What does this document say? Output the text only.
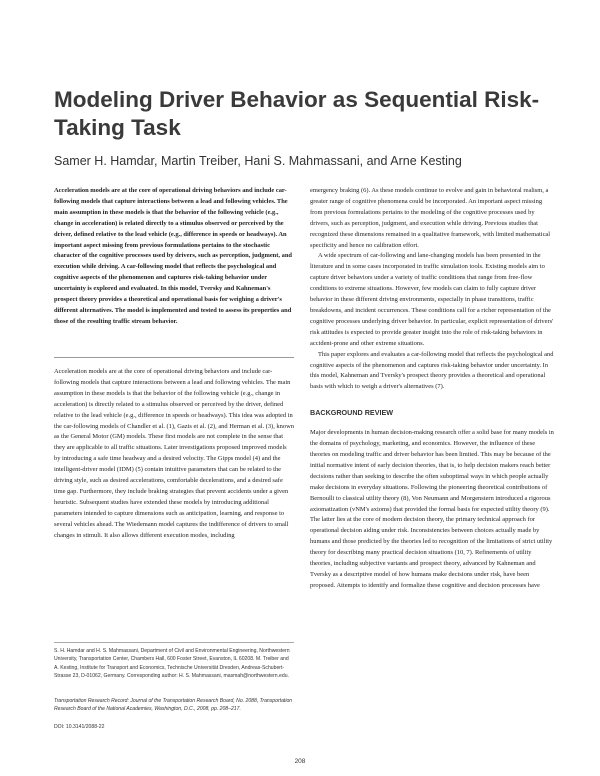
Modeling Driver Behavior as Sequential Risk-Taking Task

Samer H. Hamdar, Martin Treiber, Hani S. Mahmassani, and Arne Kesting

Acceleration models are at the core of operational driving behaviors and include car-following models that capture interactions between a lead and following vehicles. The main assumption in these models is that the behavior of the following vehicle (e.g., change in acceleration) is related directly to a stimulus observed or perceived by the driver, defined relative to the lead vehicle (e.g., difference in speeds or headways). An important aspect missing from previous formulations pertains to the stochastic character of the cognitive processes used by drivers, such as perception, judgment, and execution while driving. A car-following model that reflects the psychological and cognitive aspects of the phenomenon and captures risk-taking behavior under uncertainty is explored and evaluated. In this model, Tversky and Kahneman's prospect theory provides a theoretical and operational basis for weighing a driver's different alternatives. The model is implemented and tested to assess its properties and those of the resulting traffic stream behavior.

Acceleration models are at the core of operational driving behaviors and include car-following models that capture interactions between a lead and following vehicles. The main assumption in these models is that the behavior of the following vehicle (e.g., change in acceleration) is directly related to a stimulus observed or perceived by the driver, defined relative to the lead vehicle (e.g., difference in speeds or headways). This idea was adopted in the car-following models of Chandler et al. (1), Gazis et al. (2), and Herman et al. (3), known as the General Motor (GM) models. These first models are not complete in the sense that they are applicable to all traffic situations. Later investigations proposed improved models by introducing a safe time headway and a desired velocity. The Gipps model (4) and the intelligent-driver model (IDM) (5) contain intuitive parameters that can be related to the driving style, such as desired accelerations, comfortable decelerations, and a desired safe time gap. Furthermore, they include braking strategies that prevent accidents under a given heuristic. Subsequent studies have extended these models by introducing additional parameters intended to capture dimensions such as anticipation, learning, and response to several vehicles ahead. The Wiedemann model captures the indifference of drivers to small changes in stimuli. It also allows different execution modes, including

S. H. Hamdar and H. S. Mahmassani, Department of Civil and Environmental Engineering, Northwestern University, Transportation Center, Chambers Hall, 600 Foster Street, Evanston, IL 60208. M. Treiber and A. Kesting, Institute for Transport and Economics, Technische Universität Dresden, Andreas-Schubert-Strasse 23, D-01062, Germany. Corresponding author: H. S. Mahmassani, masmah@northwestern.edu.

Transportation Research Record: Journal of the Transportation Research Board, No. 2088, Transportation Research Board of the National Academies, Washington, D.C., 2008, pp. 208–217.

DOI: 10.3141/2088-22

emergency braking (6). As these models continue to evolve and gain in behavioral realism, a greater range of cognitive phenomena could be incorporated. An important aspect missing from previous formulations pertains to the modeling of the cognitive processes used by drivers, such as perception, judgment, and execution while driving. Previous studies that recognized these dimensions remained in a qualitative framework, with limited mathematical specificity and hence no calibration effort.

A wide spectrum of car-following and lane-changing models has been presented in the literature and in some cases incorporated in traffic simulation tools. Existing models aim to capture driver behaviors under a variety of traffic conditions that range from free-flow conditions to extreme situations. However, few models can claim to fully capture driver behavior in these different driving environments, especially in phase transitions, traffic breakdowns, and incident occurrences. These conditions call for a richer representation of the cognitive processes underlying driver behavior. In particular, explicit representation of drivers' risk attitudes is expected to provide greater insight into the role of risk-taking behaviors in accident-prone and other extreme situations.

This paper explores and evaluates a car-following model that reflects the psychological and cognitive aspects of the phenomenon and captures risk-taking behavior under uncertainty. In this model, Kahneman and Tversky's prospect theory provides a theoretical and operational basis with which to weigh a driver's alternatives (7).

BACKGROUND REVIEW

Major developments in human decision-making research offer a solid base for many models in the domains of psychology, marketing, and economics. However, the influence of these theories on modeling traffic and driver behavior has been limited. This may be because of the initial normative intent of early decision theories, that is, to help decision makers reach better decisions rather than seeking to describe the often suboptimal ways in which people actually make decisions in everyday situations. Following the pioneering theoretical contributions of Bernoulli to classical utility theory (8), Von Neumann and Morgenstern introduced a rigorous axiomatization (vNM's axioms) that provided the formal basis for expected utility theory (9). The latter lies at the core of modern decision theory, the primary technical approach for operational decision aiding under risk. Inconsistencies between choices actually made by humans and those predicted by the theories led to recognition of the limitations of strict utility theory for describing many practical decision situations (10, 7). Refinements of utility theories, including subjective variants and prospect theory, advanced by Kahneman and Tversky as a descriptive model of how humans make decisions under risk, have been proposed. Attempts to identify and formalize these cognitive and decision processes have

208
